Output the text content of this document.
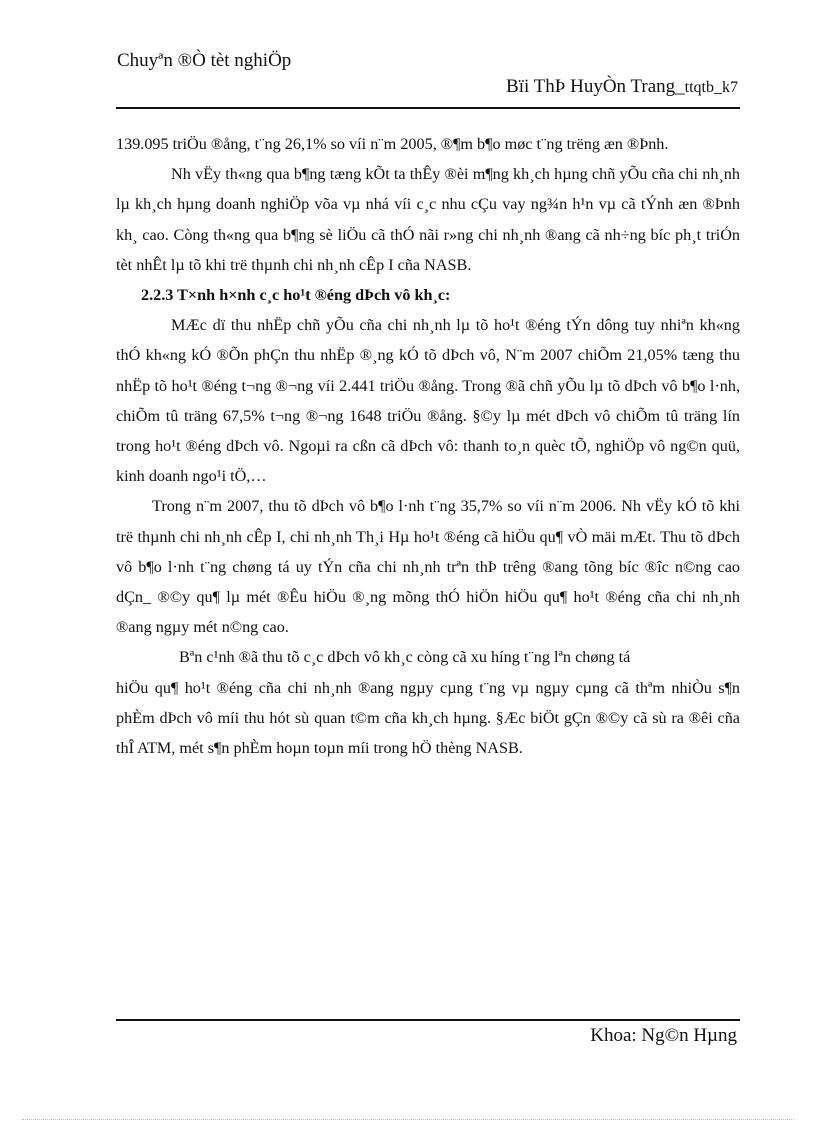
Chuyªn ®Ò tèt nghiÖp
Bïi ThÞ HuyÒn Trang_ttqtb_k7

139.095 triÖu ®ång, t¨ng 26,1% so víi n¨m 2005, ®¶m b¶o møc t¨ng trëng æn ®Þnh.

Nh vËy th«ng qua b¶ng tæng kÕt ta thÊy ®èi m¶ng kh¸ch hµng chñ yÕu cña chi nh¸nh lµ kh¸ch hµng doanh nghiÖp võa vµ nhá víi c¸c nhu cÇu vay ng¾n h¹n vµ cã tÝnh æn ®Þnh kh¸ cao. Còng th«ng qua b¶ng sè liÖu cã thÓ nãi r»ng chi nh¸nh ®ang cã nh÷ng bíc ph¸t triÓn tèt nhÊt lµ tõ khi trë thµnh chi nh¸nh cÊp I cña NASB.

2.2.3 T×nh h×nh c¸c ho¹t ®éng dÞch vô kh¸c:

MÆc dï thu nhËp chñ yÕu cña chi nh¸nh lµ tõ ho¹t ®éng tÝn dông tuy nhiªn kh«ng thÓ kh«ng kÓ ®Õn phÇn thu nhËp ®¸ng kÓ tõ dÞch vô, N¨m 2007 chiÕm 21,05% tæng thu nhËp tõ ho¹t ®éng t¬ng ®¬ng víi 2.441 triÖu ®ång. Trong ®ã chñ yÕu lµ tõ dÞch vô b¶o l·nh, chiÕm tû träng 67,5% t¬ng ®¬ng 1648 triÖu ®ång. §©y lµ mét dÞch vô chiÕm tû träng lín trong ho¹t ®éng dÞch vô. Ngoµi ra cßn cã dÞch vô: thanh to¸n quèc tÕ, nghiÖp vô ng©n quü, kinh doanh ngo¹i tÖ,…

Trong n¨m 2007, thu tõ dÞch vô b¶o l·nh t¨ng 35,7% so víi n¨m 2006. Nh vËy kÓ tõ khi trë thµnh chi nh¸nh cÊp I, chi nh¸nh Th¸i Hµ ho¹t ®éng cã hiÖu qu¶ vÒ mäi mÆt. Thu tõ dÞch vô b¶o l·nh t¨ng chøng tá uy tÝn cña chi nh¸nh trªn thÞ trêng ®ang tõng bíc ®îc n©ng cao dÇn_ ®©y qu¶ lµ mét ®Êu hiÖu ®¸ng mõng thÓ hiÖn hiÖu qu¶ ho¹t ®éng cña chi nh¸nh ®ang ngµy mét n©ng cao.

Bªn c¹nh ®ã thu tõ c¸c dÞch vô kh¸c còng cã xu híng t¨ng lªn chøng tá

hiÖu qu¶ ho¹t ®éng cña chi nh¸nh ®ang ngµy cµng t¨ng vµ ngµy cµng cã thªm nhiÒu s¶n phÈm dÞch vô míi thu hót sù quan t©m cña kh¸ch hµng. §Æc biÖt gÇn ®©y cã sù ra ®êi cña thÎ ATM, mét s¶n phÈm hoµn toµn míi trong hÖ thèng NASB.

Khoa: Ng©n Hµng
